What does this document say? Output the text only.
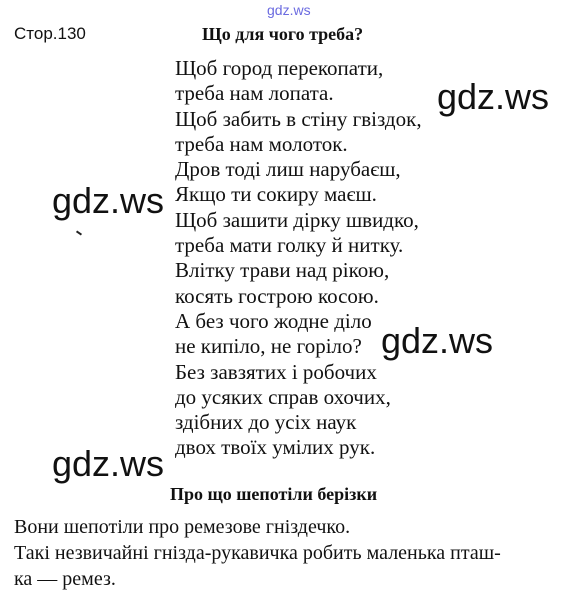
gdz.ws
Стор.130	Що для чого треба?
Щоб город перекопати,
треба нам лопата.
Щоб забить в стіну гвіздок,
треба нам молоток.
Дров тоді лиш нарубаєш,
Якщо ти сокиру маєш.
Щоб зашити дірку швидко,
треба мати голку й нитку.
Влітку трави над рікою,
косять гострою косою.
А без чого жодне діло
не кипіло, не горіло?
Без завзятих і робочих
до усяких справ охочих,
здібних до усіх наук
двох твоїх умілих рук.
gdz.ws
gdz.ws
gdz.ws
gdz.ws
Про що шепотіли берізки
Вони шепотіли про ремезове гніздечко.
Такі незвичайні гнізда-рукавичка робить маленька пташ-
ка — ремез.
